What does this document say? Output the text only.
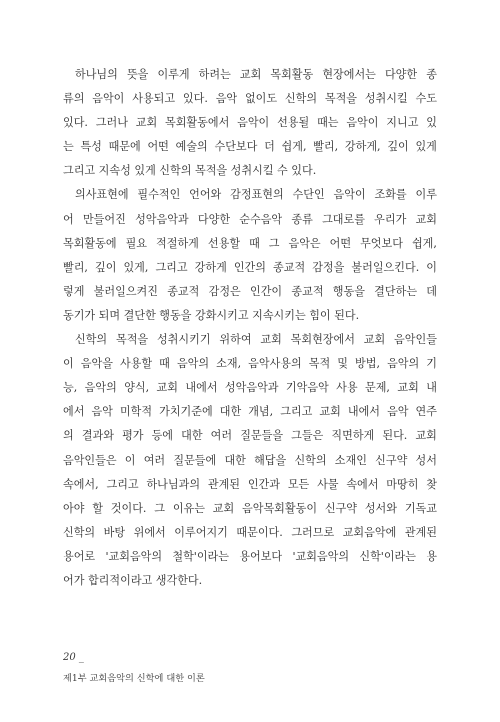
하나님의 뜻을 이루게 하려는 교회 목회활동 현장에서는 다양한 종
류의 음악이 사용되고 있다. 음악 없이도 신학의 목적을 성취시킬 수도
있다. 그러나 교회 목회활동에서 음악이 선용될 때는 음악이 지니고 있
는 특성 때문에 어떤 예술의 수단보다 더 쉽게, 빨리, 강하게, 깊이 있게
그리고 지속성 있게 신학의 목적을 성취시킬 수 있다.
의사표현에 필수적인 언어와 감정표현의 수단인 음악이 조화를 이루
어 만들어진 성악음악과 다양한 순수음악 종류 그대로를 우리가 교회
목회활동에 필요 적절하게 선용할 때 그 음악은 어떤 무엇보다 쉽게,
빨리, 깊이 있게, 그리고 강하게 인간의 종교적 감정을 불러일으킨다. 이
렇게 불러일으켜진 종교적 감정은 인간이 종교적 행동을 결단하는 데
동기가 되며 결단한 행동을 강화시키고 지속시키는 힘이 된다.
신학의 목적을 성취시키기 위하여 교회 목회현장에서 교회 음악인들
이 음악을 사용할 때 음악의 소재, 음악사용의 목적 및 방법, 음악의 기
능, 음악의 양식, 교회 내에서 성악음악과 기악음악 사용 문제, 교회 내
에서 음악 미학적 가치기준에 대한 개념, 그리고 교회 내에서 음악 연주
의 결과와 평가 등에 대한 여러 질문들을 그들은 직면하게 된다. 교회
음악인들은 이 여러 질문들에 대한 해답을 신학의 소재인 신구약 성서
속에서, 그리고 하나님과의 관계된 인간과 모든 사물 속에서 마땅히 찾
아야 할 것이다. 그 이유는 교회 음악목회활동이 신구약 성서와 기독교
신학의 바탕 위에서 이루어지기 때문이다. 그러므로 교회음악에 관계된
용어로 '교회음악의 철학'이라는 용어보다 '교회음악의 신학'이라는 용
어가 합리적이라고 생각한다.
20 _
제1부 교회음악의 신학에 대한 이론
